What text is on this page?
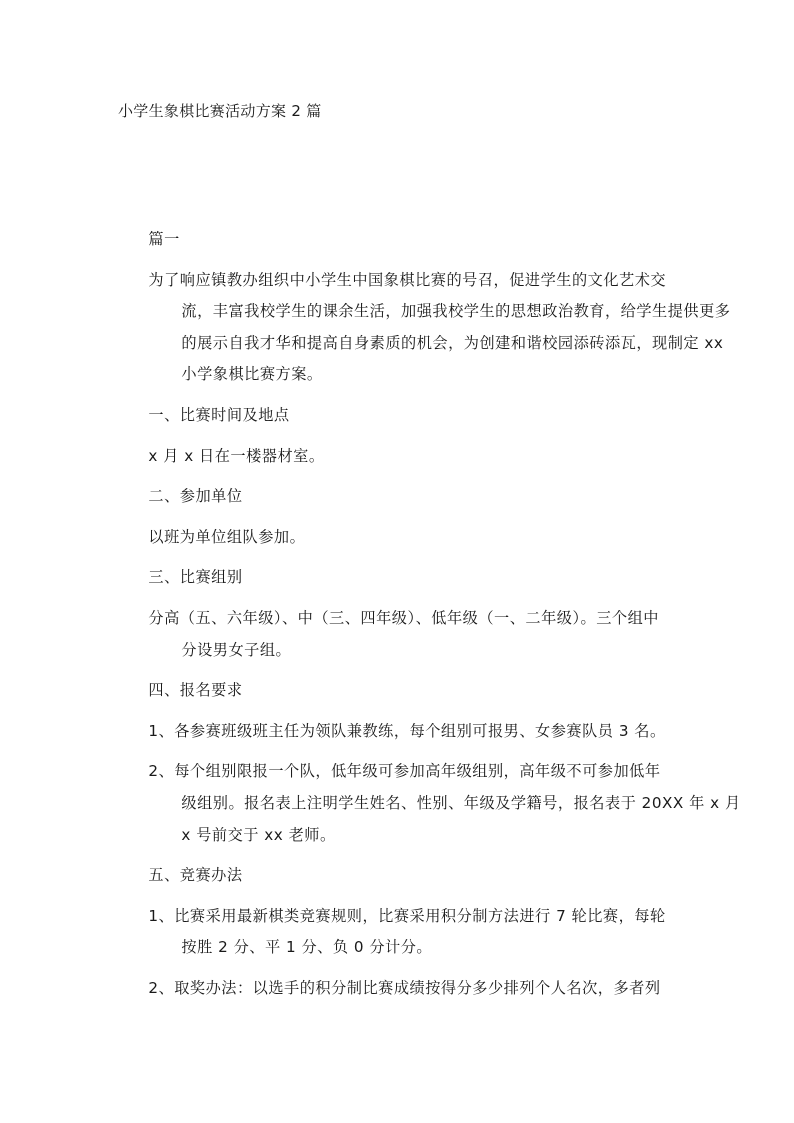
小学生象棋比赛活动方案 2 篇

篇一

为了响应镇教办组织中小学生中国象棋比赛的号召，促进学生的文化艺术交
流，丰富我校学生的课余生活，加强我校学生的思想政治教育，给学生提供更多
的展示自我才华和提高自身素质的机会，为创建和谐校园添砖添瓦，现制定 xx
小学象棋比赛方案。

一、比赛时间及地点

x 月 x 日在一楼器材室。

二、参加单位

以班为单位组队参加。

三、比赛组别

分高（五、六年级）、中（三、四年级）、低年级（一、二年级）。三个组中
分设男女子组。

四、报名要求

1、各参赛班级班主任为领队兼教练，每个组别可报男、女参赛队员 3 名。

2、每个组别限报一个队，低年级可参加高年级组别，高年级不可参加低年
级组别。报名表上注明学生姓名、性别、年级及学籍号，报名表于 20XX 年 x 月
x 号前交于 xx 老师。

五、竞赛办法

1、比赛采用最新棋类竞赛规则，比赛采用积分制方法进行 7 轮比赛，每轮
按胜 2 分、平 1 分、负 0 分计分。

2、取奖办法：以选手的积分制比赛成绩按得分多少排列个人名次，多者列
